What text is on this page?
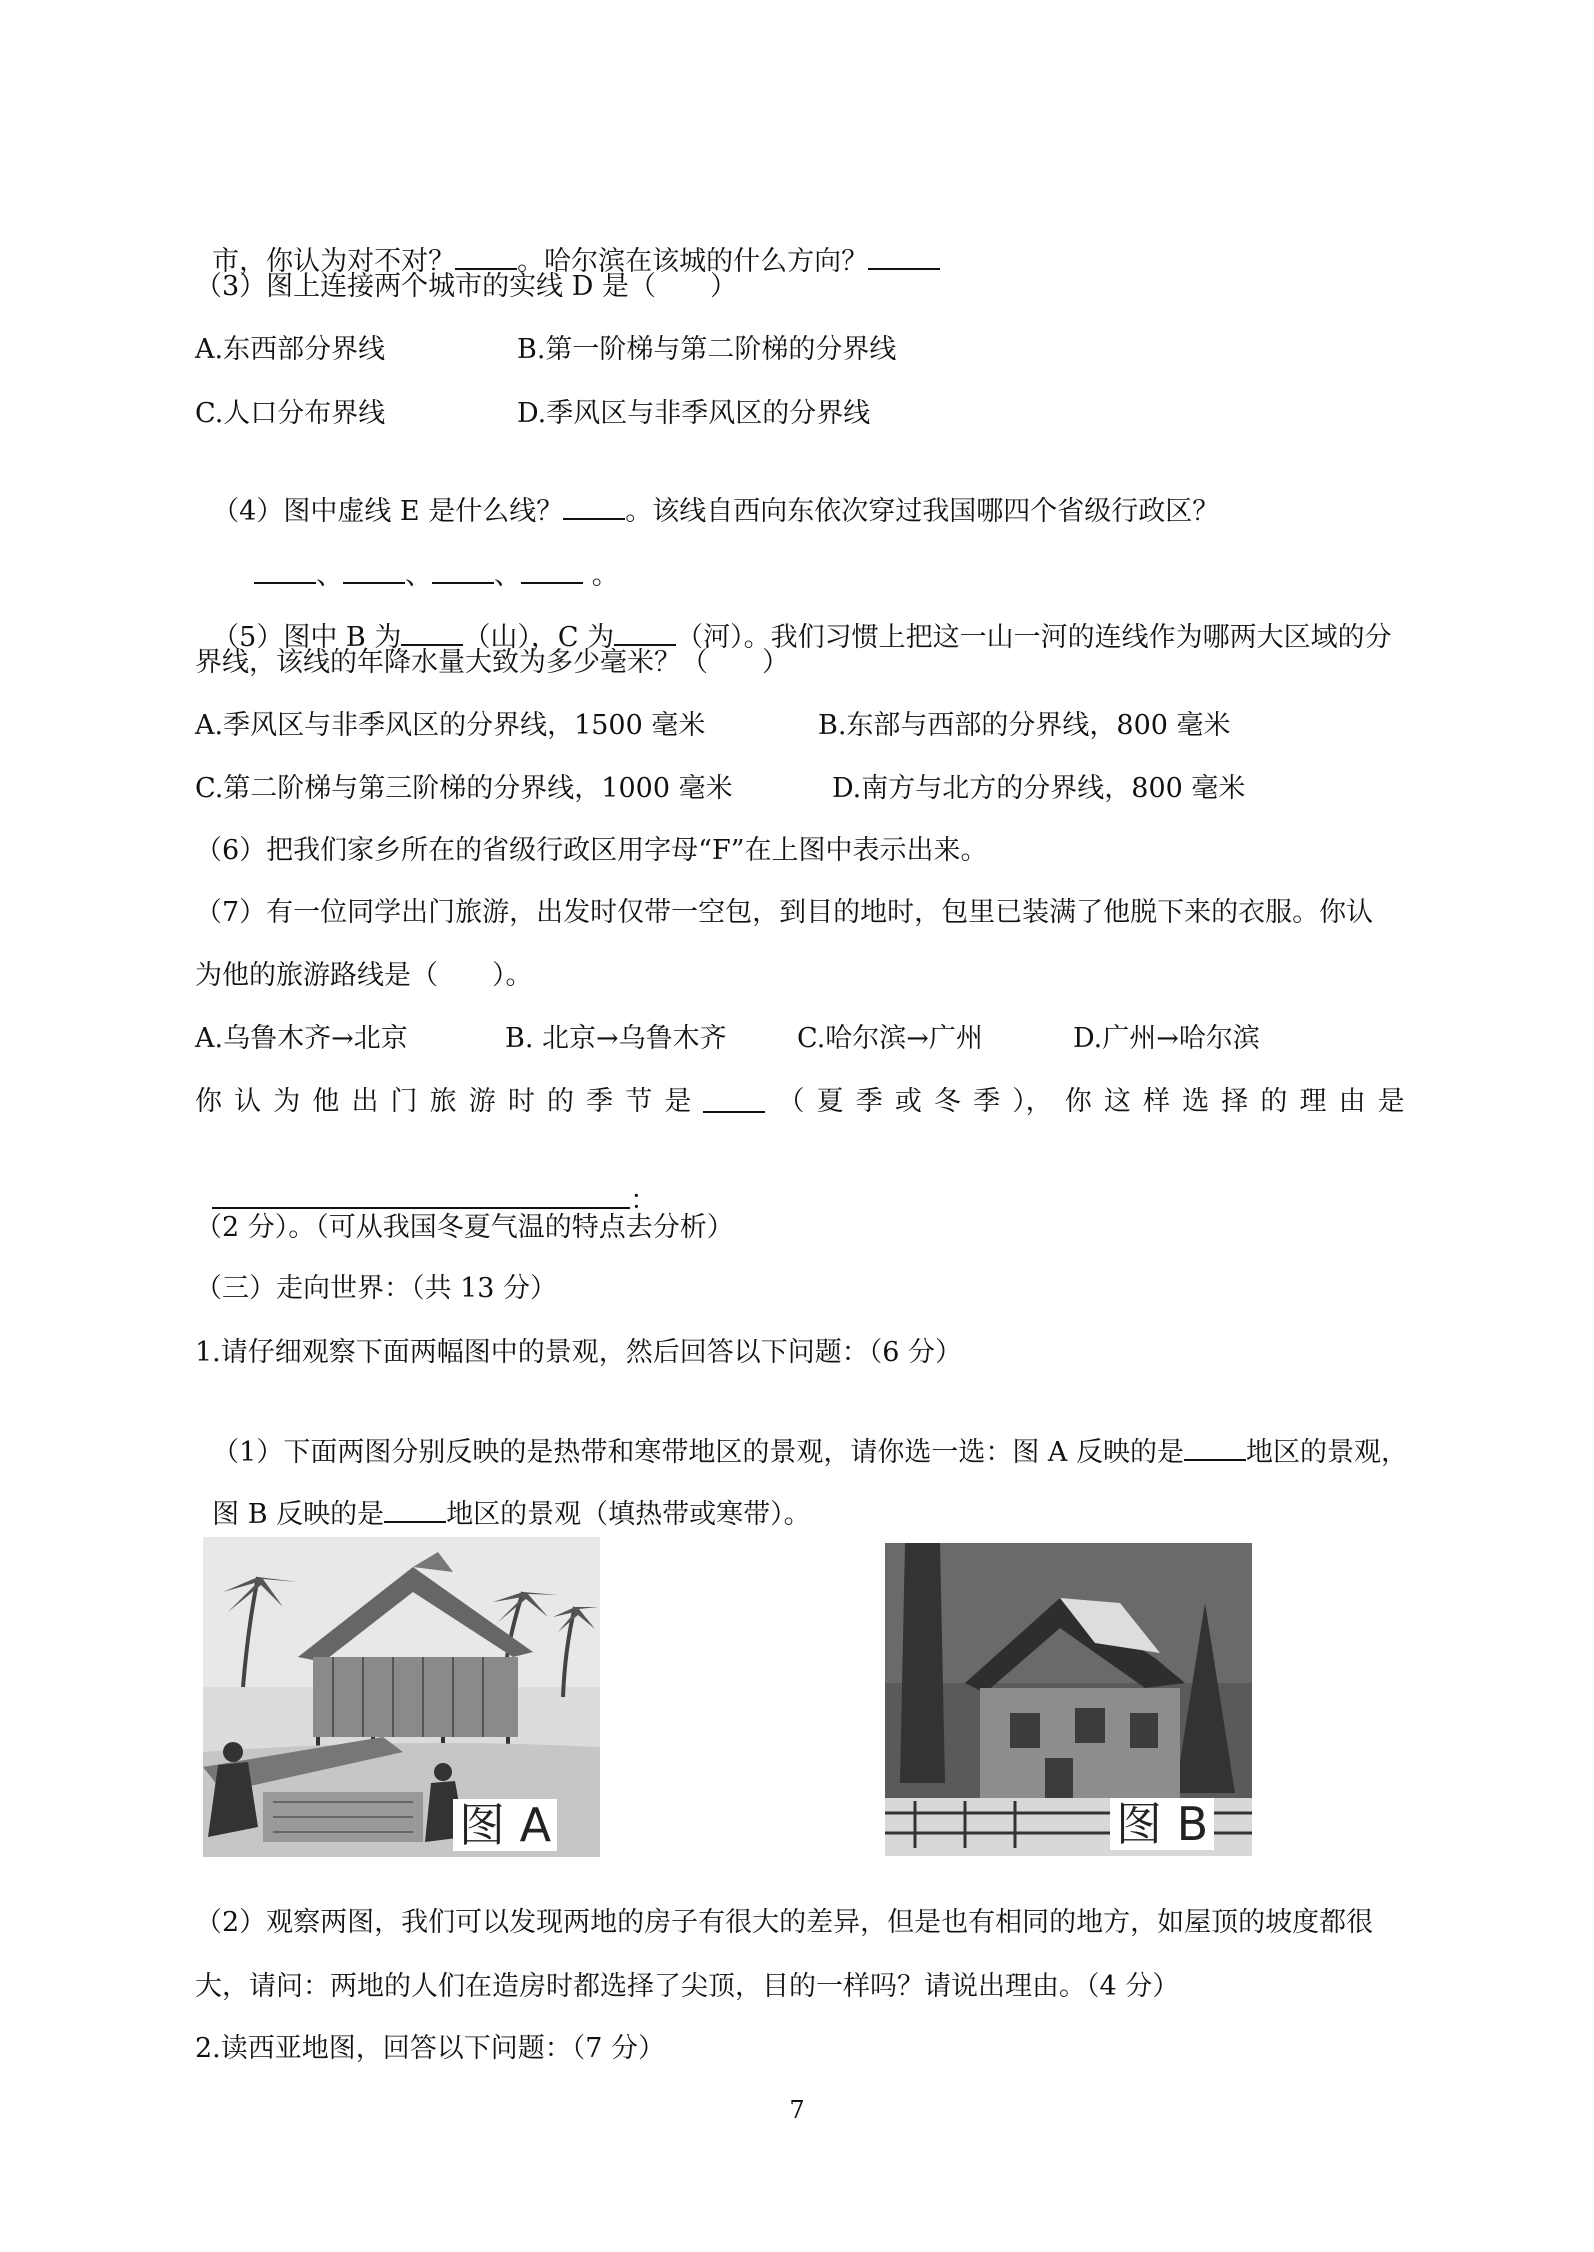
市，你认为对不对？ 。哈尔滨在该城的什么方向？

（3）图上连接两个城市的实线 D 是（　　）
A.东西部分界线	B.第一阶梯与第二阶梯的分界线
C.人口分布界线	D.季风区与非季风区的分界线

（4）图中虚线 E 是什么线？ 。该线自西向东依次穿过我国哪四个省级行政区？

、 、 、	。

（5）图中 B 为 （山），C 为 （河）。我们习惯上把这一山一河的连线作为哪两大区域的分

界线，该线的年降水量大致为多少毫米？（　　）
A.季风区与非季风区的分界线，1500 毫米	B.东部与西部的分界线，800 毫米
C.第二阶梯与第三阶梯的分界线，1000 毫米	D.南方与北方的分界线，800 毫米
（6）把我们家乡所在的省级行政区用字母“F”在上图中表示出来。
（7）有一位同学出门旅游，出发时仅带一空包，到目的地时，包里已装满了他脱下来的衣服。你认
为他的旅游路线是（　　）。
A.乌鲁木齐→北京	B. 北京→乌鲁木齐	C.哈尔滨→广州	D.广州→哈尔滨
你 认 为 他 出 门 旅 游 时 的 季 节 是	（ 夏 季 或 冬 季 ）， 你 这 样 选 择 的 理 由 是

：

（2 分）。（可从我国冬夏气温的特点去分析）
（三）走向世界：（共 13 分）
1.请仔细观察下面两幅图中的景观，然后回答以下问题：（6 分）

（1）下面两图分别反映的是热带和寒带地区的景观，请你选一选：图 A 反映的是 地区的景观，

图 B 反映的是 地区的景观（填热带或寒带）。

图 A	图 B
（2）观察两图，我们可以发现两地的房子有很大的差异，但是也有相同的地方，如屋顶的坡度都很
大，请问：两地的人们在造房时都选择了尖顶，目的一样吗？请说出理由。（4 分）
2.读西亚地图，回答以下问题：（7 分）
7
